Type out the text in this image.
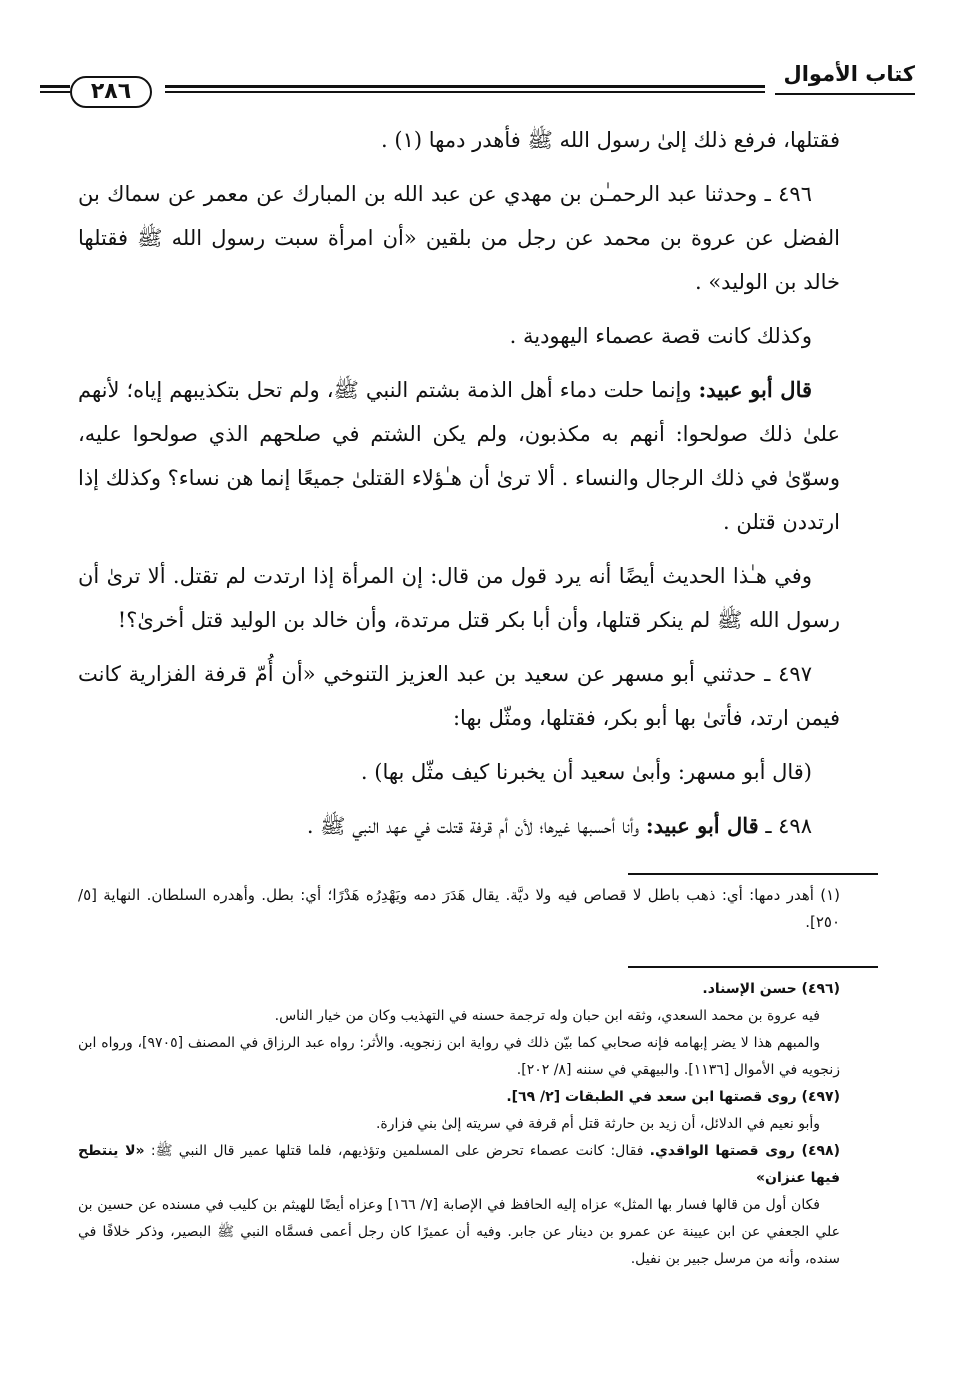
كتاب الأموال
٢٨٦

فقتلها، فرفع ذلك إلىٰ رسول الله ﷺ فأهدر دمها (١) .

٤٩٦ ـ وحدثنا عبد الرحمـٰن بن مهدي عن عبد الله بن المبارك عن معمر عن سماك بن الفضل عن عروة بن محمد عن رجل من بلقين «أن امرأة سبت رسول الله ﷺ فقتلها خالد بن الوليد» .

وكذلك كانت قصة عصماء اليهودية .

قال أبو عبيد: وإنما حلت دماء أهل الذمة بشتم النبي ﷺ، ولم تحل بتكذيبهم إياه؛ لأنهم علىٰ ذلك صولحوا: أنهم به مكذبون، ولم يكن الشتم في صلحهم الذي صولحوا عليه، وسوّىٰ في ذلك الرجال والنساء . ألا ترىٰ أن هـٰؤلاء القتلىٰ جميعًا إنما هن نساء؟ وكذلك إذا ارتددن قتلن .

وفي هـٰذا الحديث أيضًا أنه يرد قول من قال: إن المرأة إذا ارتدت لم تقتل. ألا ترىٰ أن رسول الله ﷺ لم ينكر قتلها، وأن أبا بكر قتل مرتدة، وأن خالد بن الوليد قتل أخرىٰ؟!

٤٩٧ ـ حدثني أبو مسهر عن سعيد بن عبد العزيز التنوخي «أن أُمّ قرفة الفزارية كانت فيمن ارتد، فأتىٰ بها أبو بكر، فقتلها، ومثّل بها:

(قال أبو مسهر: وأبىٰ سعيد أن يخبرنا كيف مثّل بها) .

٤٩٨ ـ قال أبو عبيد: وأنا أحسبها غيرها؛ لأن أم قرفة قتلت في عهد النبي ﷺ .

(١) أهدر دمها: أي: ذهب باطل لا قصاص فيه ولا ديَّة. يقال هَدَرَ دمه ويَهْدِرُه هَدْرًا؛ أي: بطل. وأهدره السلطان. النهاية [٥/ ٢٥٠].

(٤٩٦) حسن الإسناد.

فيه عروة بن محمد السعدي، وثقه ابن حبان وله ترجمة حسنه في التهذيب وكان من خيار الناس.

والمبهم هذا لا يضر إبهامه فإنه صحابي كما بيّن ذلك في رواية ابن زنجويه. والأثر: رواه عبد الرزاق في المصنف [٩٧٠٥]، ورواه ابن زنجويه في الأموال [١١٣٦]. والبيهقي في سننه [٨/ ٢٠٢].

(٤٩٧) روى قصتها ابن سعد في الطبقات [٢/ ٦٩].

وأبو نعيم في الدلائل، أن زيد بن حارثة قتل أم قرفة في سريته إلىٰ بني فزارة.

(٤٩٨) روى قصتها الواقدي. فقال: كانت عصماء تحرض على المسلمين وتؤذيهم، فلما قتلها عمير قال النبي ﷺ: «لا ينتطح فيها عنزان»

فكان أول من قالها فسار بها المثل» عزاه إليه الحافظ في الإصابة [٧/ ١٦٦] وعزاه أيضًا للهيثم بن كليب في مسنده عن حسين بن علي الجعفي عن ابن عيينة عن عمرو بن دينار عن جابر. وفيه أن عميرًا كان رجل أعمى فسمَّاه النبي ﷺ البصير، وذكر خلافًا في سنده، وأنه من مرسل جبير بن نفيل.
